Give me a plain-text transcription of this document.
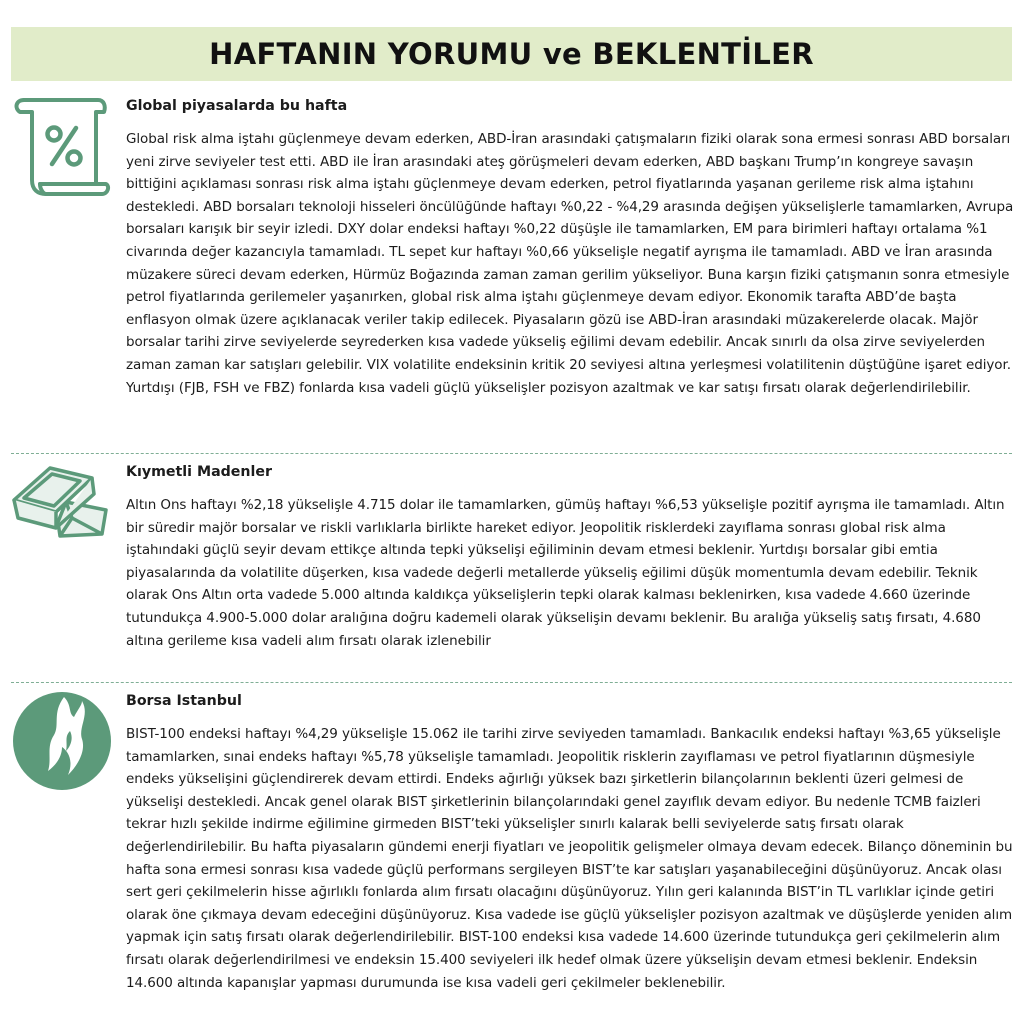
HAFTANIN YORUMU ve BEKLENTİLER
Global piyasalarda bu hafta

Global risk alma iştahı güçlenmeye devam ederken, ABD-İran arasındaki çatışmaların fiziki olarak sona ermesi sonrası ABD borsaları yeni zirve seviyeler test etti. ABD ile İran arasındaki ateş görüşmeleri devam ederken, ABD başkanı Trump’ın kongreye savaşın bittiğini açıklaması sonrası risk alma iştahı güçlenmeye devam ederken, petrol fiyatlarında yaşanan gerileme risk alma iştahını destekledi. ABD borsaları teknoloji hisseleri öncülüğünde haftayı %0,22 - %4,29 arasında değişen yükselişlerle tamamlarken, Avrupa borsaları karışık bir seyir izledi. DXY dolar endeksi haftayı %0,22 düşüşle ile tamamlarken, EM para birimleri haftayı ortalama %1 civarında değer kazancıyla tamamladı. TL sepet kur haftayı %0,66 yükselişle negatif ayrışma ile tamamladı. ABD ve İran arasında müzakere süreci devam ederken, Hürmüz Boğazında zaman zaman gerilim yükseliyor. Buna karşın fiziki çatışmanın sonra etmesiyle petrol fiyatlarında gerilemeler yaşanırken, global risk alma iştahı güçlenmeye devam ediyor. Ekonomik tarafta ABD’de başta enflasyon olmak üzere açıklanacak veriler takip edilecek. Piyasaların gözü ise ABD-İran arasındaki müzakerelerde olacak. Majör borsalar tarihi zirve seviyelerde seyrederken kısa vadede yükseliş eğilimi devam edebilir. Ancak sınırlı da olsa zirve seviyelerden zaman zaman kar satışları gelebilir. VIX volatilite endeksinin kritik 20 seviyesi altına yerleşmesi volatilitenin düştüğüne işaret ediyor. Yurtdışı (FJB, FSH ve FBZ) fonlarda kısa vadeli güçlü yükselişler pozisyon azaltmak ve kar satışı fırsatı olarak değerlendirilebilir.

Kıymetli Madenler

Altın Ons haftayı %2,18 yükselişle 4.715 dolar ile tamamlarken, gümüş haftayı %6,53 yükselişle pozitif ayrışma ile tamamladı. Altın bir süredir majör borsalar ve riskli varlıklarla birlikte hareket ediyor. Jeopolitik risklerdeki zayıflama sonrası global risk alma iştahındaki güçlü seyir devam ettikçe altında tepki yükselişi eğiliminin devam etmesi beklenir. Yurtdışı borsalar gibi emtia piyasalarında da volatilite düşerken, kısa vadede değerli metallerde yükseliş eğilimi düşük momentumla devam edebilir. Teknik olarak Ons Altın orta vadede 5.000 altında kaldıkça yükselişlerin tepki olarak kalması beklenirken, kısa vadede 4.660 üzerinde tutundukça 4.900-5.000 dolar aralığına doğru kademeli olarak yükselişin devamı beklenir. Bu aralığa yükseliş satış fırsatı, 4.680 altına gerileme kısa vadeli alım fırsatı olarak izlenebilir

Borsa Istanbul

BIST-100 endeksi haftayı %4,29 yükselişle 15.062 ile tarihi zirve seviyeden tamamladı. Bankacılık endeksi haftayı %3,65 yükselişle tamamlarken, sınai endeks haftayı %5,78 yükselişle tamamladı. Jeopolitik risklerin zayıflaması ve petrol fiyatlarının düşmesiyle endeks yükselişini güçlendirerek devam ettirdi. Endeks ağırlığı yüksek bazı şirketlerin bilançolarının beklenti üzeri gelmesi de yükselişi destekledi. Ancak genel olarak BIST şirketlerinin bilançolarındaki genel zayıflık devam ediyor. Bu nedenle TCMB faizleri tekrar hızlı şekilde indirme eğilimine girmeden BIST’teki yükselişler sınırlı kalarak belli seviyelerde satış fırsatı olarak değerlendirilebilir. Bu hafta piyasaların gündemi enerji fiyatları ve jeopolitik gelişmeler olmaya devam edecek. Bilanço döneminin bu hafta sona ermesi sonrası kısa vadede güçlü performans sergileyen BIST’te kar satışları yaşanabileceğini düşünüyoruz. Ancak olası sert geri çekilmelerin hisse ağırlıklı fonlarda alım fırsatı olacağını düşünüyoruz. Yılın geri kalanında BIST’in TL varlıklar içinde getiri olarak öne çıkmaya devam edeceğini düşünüyoruz. Kısa vadede ise güçlü yükselişler pozisyon azaltmak ve düşüşlerde yeniden alım yapmak için satış fırsatı olarak değerlendirilebilir. BIST-100 endeksi kısa vadede 14.600 üzerinde tutundukça geri çekilmelerin alım fırsatı olarak değerlendirilmesi ve endeksin 15.400 seviyeleri ilk hedef olmak üzere yükselişin devam etmesi beklenir. Endeksin 14.600 altında kapanışlar yapması durumunda ise kısa vadeli geri çekilmeler beklenebilir.
